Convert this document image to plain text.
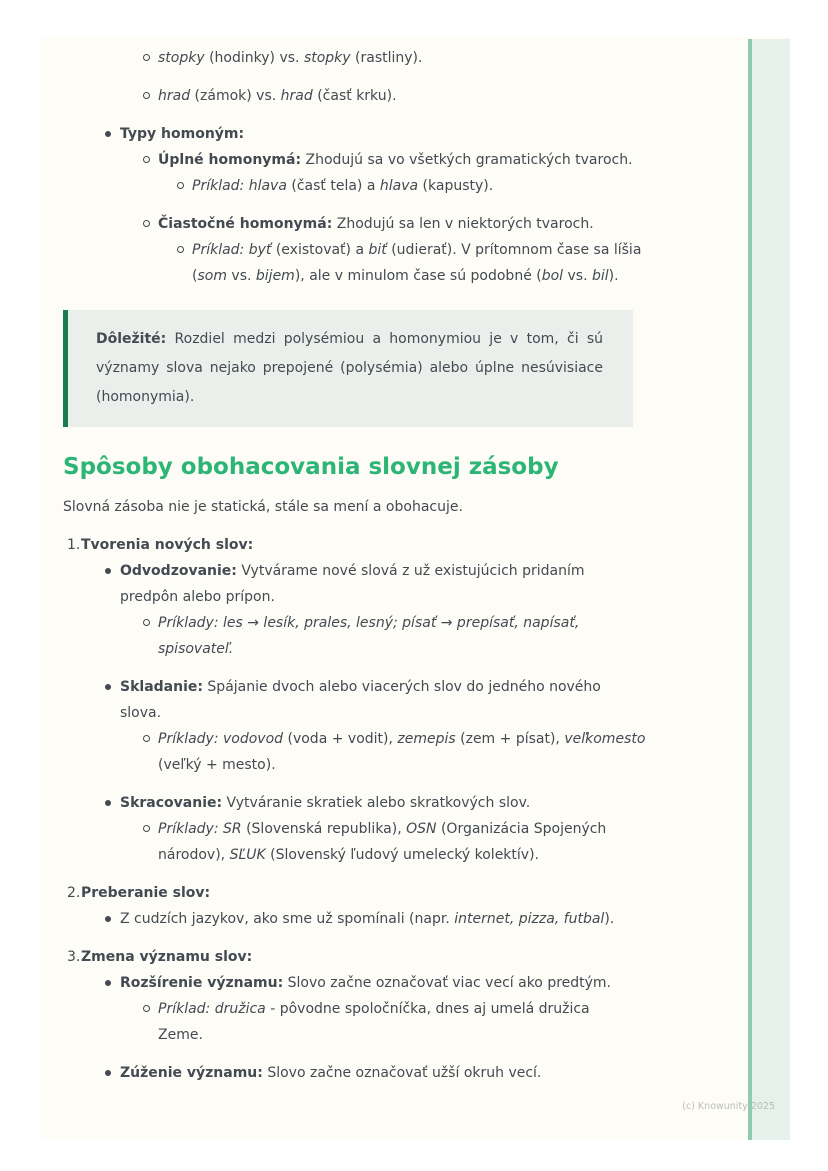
stopky (hodinky) vs. stopky (rastliny).
hrad (zámok) vs. hrad (časť krku).
Typy homoným:
Úplné homonymá: Zhodujú sa vo všetkých gramatických tvaroch.
Príklad: hlava (časť tela) a hlava (kapusty).
Čiastočné homonymá: Zhodujú sa len v niektorých tvaroch.
Príklad: byť (existovať) a biť (udierať). V prítomnom čase sa líšia
(som vs. bijem), ale v minulom čase sú podobné (bol vs. bil).
Dôležité: Rozdiel medzi polysémiou a homonymiou je v tom, či sú významy slova nejako prepojené (polysémia) alebo úplne nesúvisiace (homonymia).
Spôsoby obohacovania slovnej zásoby

Slovná zásoba nie je statická, stále sa mení a obohacuje.

1. Tvorenia nových slov:
Odvodzovanie: Vytvárame nové slová z už existujúcich pridaním
predpôn alebo prípon.
Príklady: les → lesík, prales, lesný; písať → prepísať, napísať,
spisovateľ.
Skladanie: Spájanie dvoch alebo viacerých slov do jedného nového
slova.
Príklady: vodovod (voda + vodit), zemepis (zem + písat), veľkomesto
(veľký + mesto).
Skracovanie: Vytváranie skratiek alebo skratkových slov.
Príklady: SR (Slovenská republika), OSN (Organizácia Spojených
národov), SĽUK (Slovenský ľudový umelecký kolektív).
2. Preberanie slov:
Z cudzích jazykov, ako sme už spomínali (napr. internet, pizza, futbal).
3. Zmena významu slov:
Rozšírenie významu: Slovo začne označovať viac vecí ako predtým.
Príklad: družica - pôvodne spoločníčka, dnes aj umelá družica
Zeme.
Zúženie významu: Slovo začne označovať užší okruh vecí.
(c) Knowunity 2025
